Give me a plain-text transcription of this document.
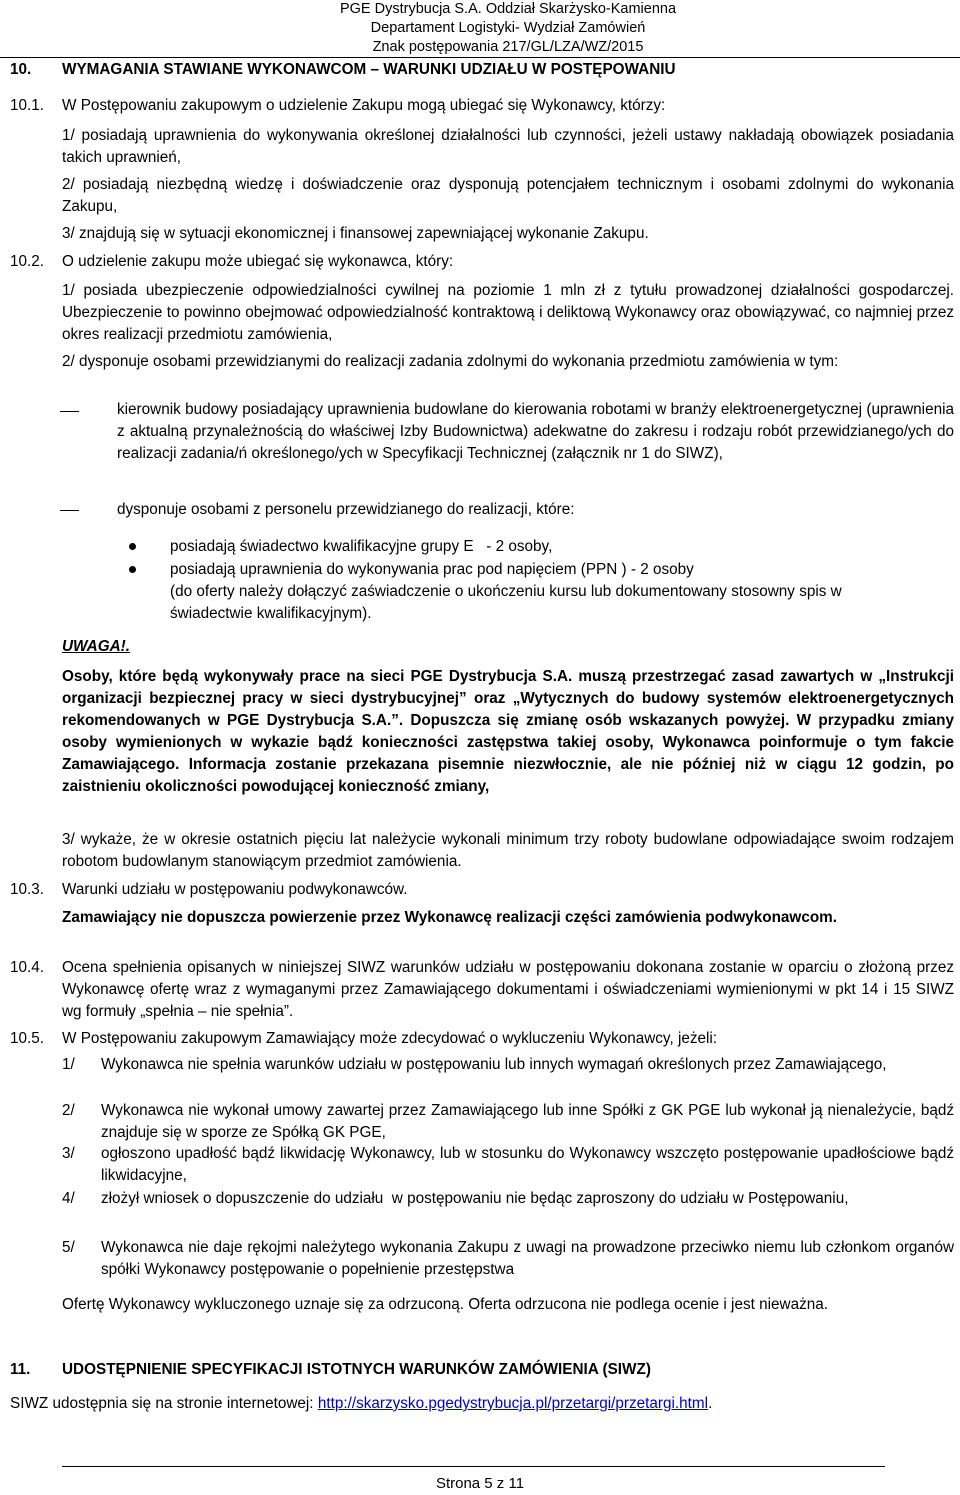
PGE Dystrybucja S.A. Oddział Skarżysko-Kamienna
Departament Logistyki- Wydział Zamówień
Znak postępowania 217/GL/LZA/WZ/2015
10. WYMAGANIA STAWIANE WYKONAWCOM – WARUNKI UDZIAŁU W POSTĘPOWANIU
10.1. W Postępowaniu zakupowym o udzielenie Zakupu mogą ubiegać się Wykonawcy, którzy:
1/ posiadają uprawnienia do wykonywania określonej działalności lub czynności, jeżeli ustawy nakładają obowiązek posiadania takich uprawnień,
2/ posiadają niezbędną wiedzę i doświadczenie oraz dysponują potencjałem technicznym i osobami zdolnymi do wykonania Zakupu,
3/ znajdują się w sytuacji ekonomicznej i finansowej zapewniającej wykonanie Zakupu.
10.2. O udzielenie zakupu może ubiegać się wykonawca, który:
1/ posiada ubezpieczenie odpowiedzialności cywilnej na poziomie 1 mln zł z tytułu prowadzonej działalności gospodarczej. Ubezpieczenie to powinno obejmować odpowiedzialność kontraktową i deliktową Wykonawcy oraz obowiązywać, co najmniej przez okres realizacji przedmiotu zamówienia,
2/ dysponuje osobami przewidzianymi do realizacji zadania zdolnymi do wykonania przedmiotu zamówienia w tym:
kierownik budowy posiadający uprawnienia budowlane do kierowania robotami w branży elektroenergetycznej (uprawnienia z aktualną przynależnością do właściwej Izby Budownictwa) adekwatne do zakresu i rodzaju robót przewidzianego/ych do realizacji zadania/ń określonego/ych w Specyfikacji Technicznej (załącznik nr 1 do SIWZ),
dysponuje osobami z personelu przewidzianego do realizacji, które:
posiadają świadectwo kwalifikacyjne grupy E   - 2 osoby,
posiadają uprawnienia do wykonywania prac pod napięciem (PPN ) - 2 osoby
(do oferty należy dołączyć zaświadczenie o ukończeniu kursu lub dokumentowany stosowny spis w świadectwie kwalifikacyjnym).
UWAGA!.
Osoby, które będą wykonywały prace na sieci PGE Dystrybucja S.A. muszą przestrzegać zasad zawartych w „Instrukcji organizacji bezpiecznej pracy w sieci dystrybucyjnej” oraz „Wytycznych do budowy systemów elektroenergetycznych rekomendowanych w PGE Dystrybucja S.A.”. Dopuszcza się zmianę osób wskazanych powyżej. W przypadku zmiany osoby wymienionych w wykazie bądź konieczności zastępstwa takiej osoby, Wykonawca poinformuje o tym fakcie Zamawiającego. Informacja zostanie przekazana pisemnie niezwłocznie, ale nie później niż w ciągu 12 godzin, po zaistnieniu okoliczności powodującej konieczność zmiany,
3/ wykaże, że w okresie ostatnich pięciu lat należycie wykonali minimum trzy roboty budowlane odpowiadające swoim rodzajem robotom budowlanym stanowiącym przedmiot zamówienia.
10.3. Warunki udziału w postępowaniu podwykonawców.
Zamawiający nie dopuszcza powierzenie przez Wykonawcę realizacji części zamówienia podwykonawcom.
10.4. Ocena spełnienia opisanych w niniejszej SIWZ warunków udziału w postępowaniu dokonana zostanie w oparciu o złożoną przez Wykonawcę ofertę wraz z wymaganymi przez Zamawiającego dokumentami i oświadczeniami wymienionymi w pkt 14 i 15 SIWZ wg formuły „spełnia – nie spełnia”.
10.5. W Postępowaniu zakupowym Zamawiający może zdecydować o wykluczeniu Wykonawcy, jeżeli:
1/ Wykonawca nie spełnia warunków udziału w postępowaniu lub innych wymagań określonych przez Zamawiającego,
2/ Wykonawca nie wykonał umowy zawartej przez Zamawiającego lub inne Spółki z GK PGE lub wykonał ją nienależycie, bądź znajduje się w sporze ze Spółką GK PGE,
3/ ogłoszono upadłość bądź likwidację Wykonawcy, lub w stosunku do Wykonawcy wszczęto postępowanie upadłościowe bądź likwidacyjne,
4/ złożył wniosek o dopuszczenie do udziału  w postępowaniu nie będąc zaproszony do udziału w Postępowaniu,
5/ Wykonawca nie daje rękojmi należytego wykonania Zakupu z uwagi na prowadzone przeciwko niemu lub członkom organów spółki Wykonawcy postępowanie o popełnienie przestępstwa
Ofertę Wykonawcy wykluczonego uznaje się za odrzuconą. Oferta odrzucona nie podlega ocenie i jest nieważna.
11. UDOSTĘPNIENIE SPECYFIKACJI ISTOTNYCH WARUNKÓW ZAMÓWIENIA (SIWZ)
SIWZ udostępnia się na stronie internetowej: http://skarzysko.pgedystrybucja.pl/przetargi/przetargi.html.
Strona 5 z 11
